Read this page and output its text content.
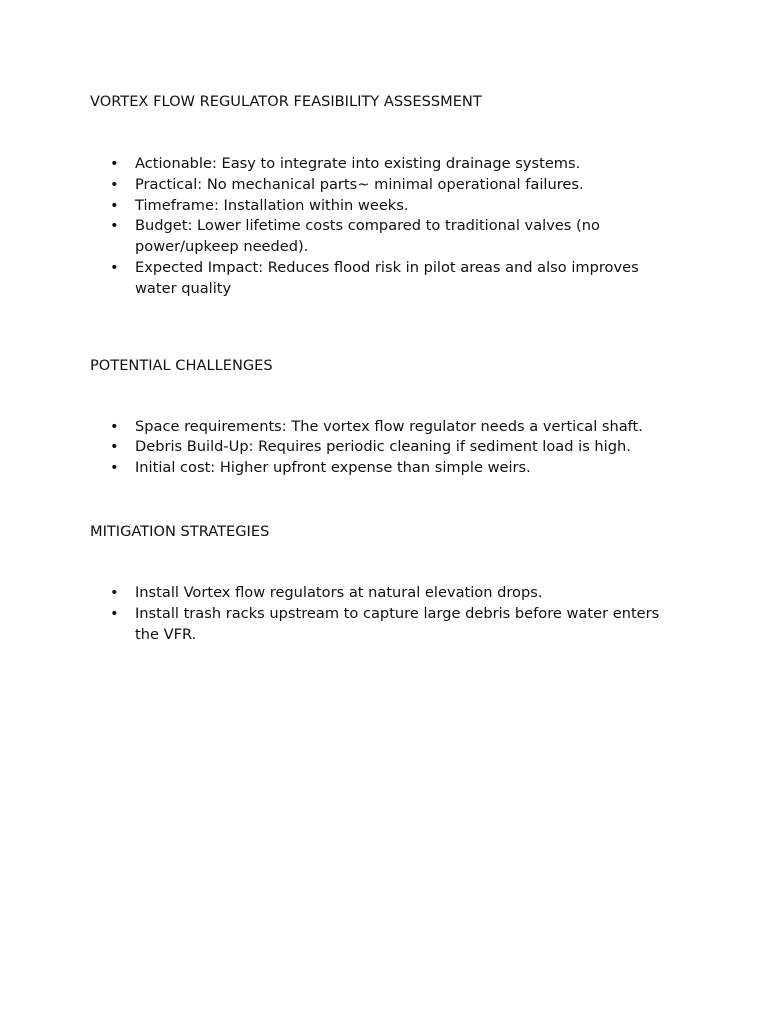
VORTEX FLOW REGULATOR FEASIBILITY ASSESSMENT
• Actionable: Easy to integrate into existing drainage systems.
• Practical: No mechanical parts~ minimal operational failures.
• Timeframe: Installation within weeks.
• Budget: Lower lifetime costs compared to traditional valves (no power/upkeep needed).
• Expected Impact: Reduces flood risk in pilot areas and also improves water quality
POTENTIAL CHALLENGES
• Space requirements: The vortex flow regulator needs a vertical shaft.
• Debris Build-Up: Requires periodic cleaning if sediment load is high.
• Initial cost: Higher upfront expense than simple weirs.
MITIGATION STRATEGIES
• Install Vortex flow regulators at natural elevation drops.
• Install trash racks upstream to capture large debris before water enters the VFR.
